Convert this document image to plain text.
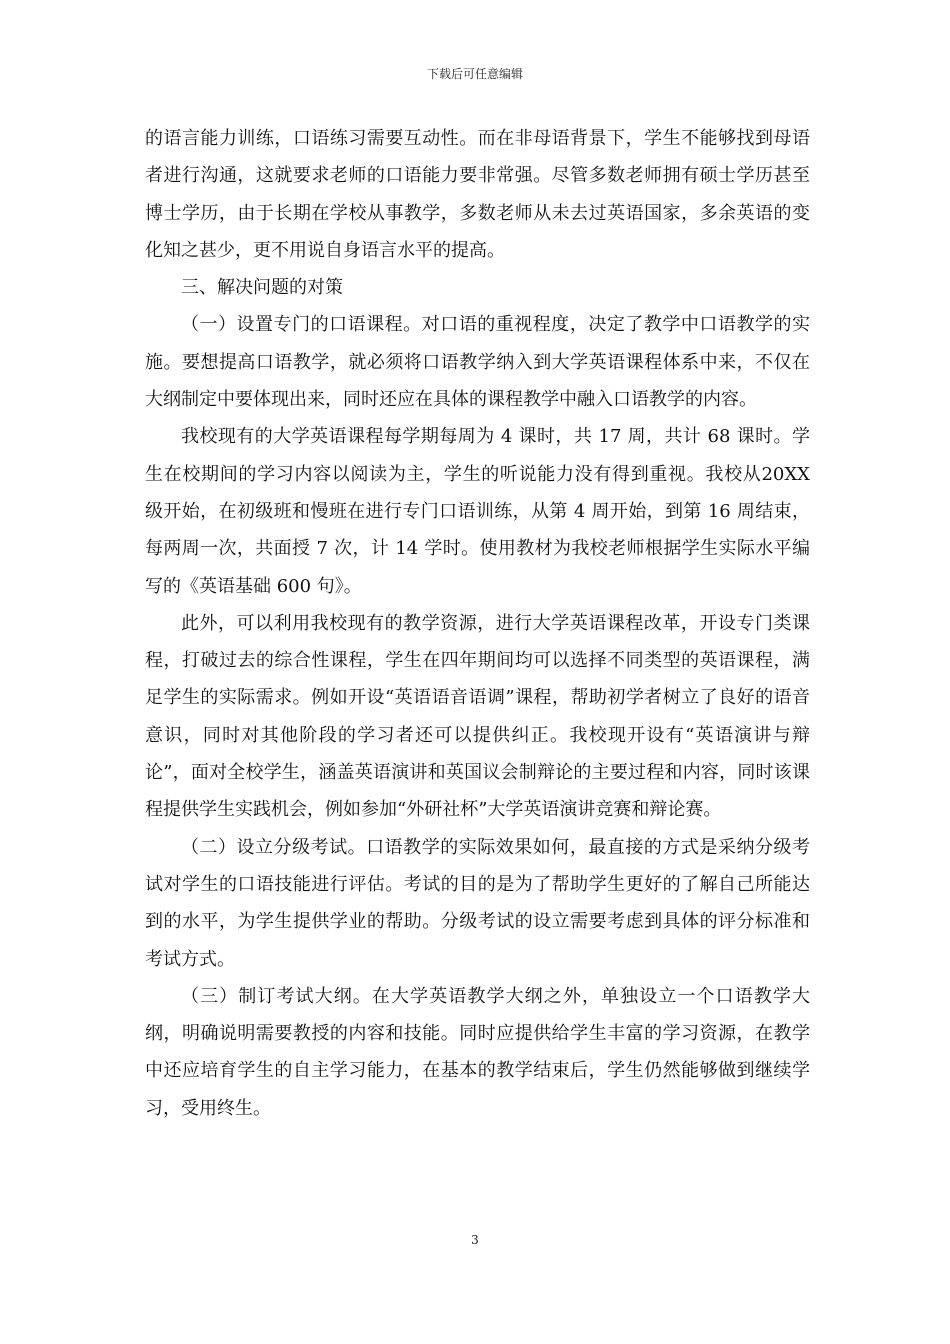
下载后可任意编辑

的语言能力训练，口语练习需要互动性。而在非母语背景下，学生不能够找到母语者进行沟通，这就要求老师的口语能力要非常强。尽管多数老师拥有硕士学历甚至博士学历，由于长期在学校从事教学，多数老师从未去过英语国家，多余英语的变化知之甚少，更不用说自身语言水平的提高。

三、解决问题的对策

（一）设置专门的口语课程。对口语的重视程度，决定了教学中口语教学的实施。要想提高口语教学，就必须将口语教学纳入到大学英语课程体系中来，不仅在大纲制定中要体现出来，同时还应在具体的课程教学中融入口语教学的内容。

我校现有的大学英语课程每学期每周为 4 课时，共 17 周，共计 68 课时。学生在校期间的学习内容以阅读为主，学生的听说能力没有得到重视。我校从20XX 级开始，在初级班和慢班在进行专门口语训练，从第 4 周开始，到第 16 周结束，每两周一次，共面授 7 次，计 14 学时。使用教材为我校老师根据学生实际水平编写的《英语基础 600 句》。

此外，可以利用我校现有的教学资源，进行大学英语课程改革，开设专门类课程，打破过去的综合性课程，学生在四年期间均可以选择不同类型的英语课程，满足学生的实际需求。例如开设“英语语音语调”课程，帮助初学者树立了良好的语音意识，同时对其他阶段的学习者还可以提供纠正。我校现开设有“英语演讲与辩论”，面对全校学生，涵盖英语演讲和英国议会制辩论的主要过程和内容，同时该课程提供学生实践机会，例如参加“外研社杯”大学英语演讲竞赛和辩论赛。

（二）设立分级考试。口语教学的实际效果如何，最直接的方式是采纳分级考试对学生的口语技能进行评估。考试的目的是为了帮助学生更好的了解自己所能达到的水平，为学生提供学业的帮助。分级考试的设立需要考虑到具体的评分标准和考试方式。

（三）制订考试大纲。在大学英语教学大纲之外，单独设立一个口语教学大纲，明确说明需要教授的内容和技能。同时应提供给学生丰富的学习资源，在教学中还应培育学生的自主学习能力，在基本的教学结束后，学生仍然能够做到继续学习，受用终生。

3
